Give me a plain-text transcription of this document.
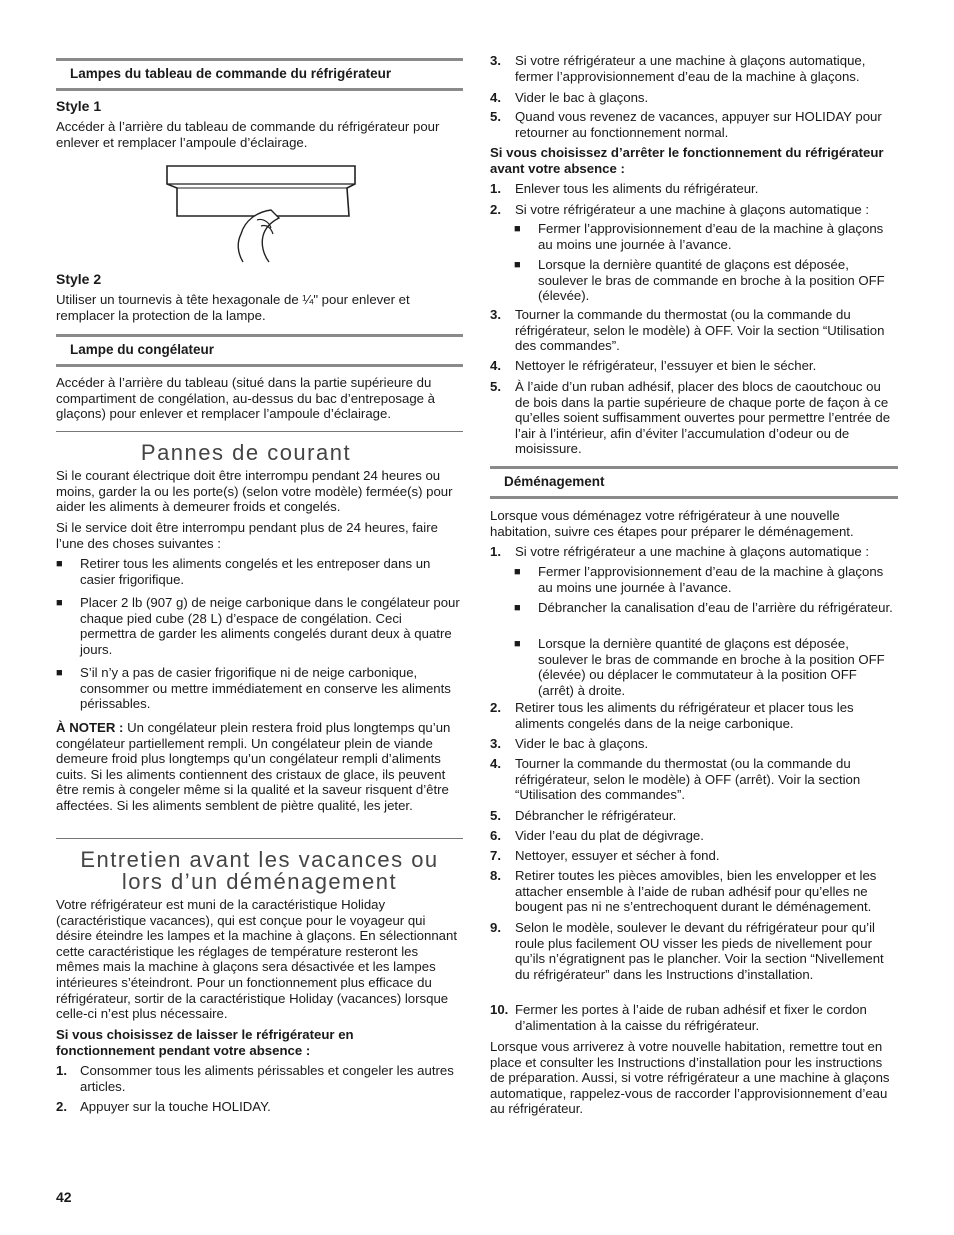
Lampes du tableau de commande du réfrigérateur
Style 1

Accéder à l’arrière du tableau de commande du réfrigérateur pour enlever et remplacer l’ampoule d’éclairage.

Style 2

Utiliser un tournevis à tête hexagonale de ¼" pour enlever et remplacer la protection de la lampe.

Lampe du congélateur

Accéder à l’arrière du tableau (situé dans la partie supérieure du compartiment de congélation, au-dessus du bac d’entreposage à glaçons) pour enlever et remplacer l’ampoule d’éclairage.

Pannes de courant

Si le courant électrique doit être interrompu pendant 24 heures ou moins, garder la ou les porte(s) (selon votre modèle) fermée(s) pour aider les aliments à demeurer froids et congelés.

Si le service doit être interrompu pendant plus de 24 heures, faire l’une des choses suivantes :

■ Retirer tous les aliments congelés et les entreposer dans un casier frigorifique.

■ Placer 2 lb (907 g) de neige carbonique dans le congélateur pour chaque pied cube (28 L) d’espace de congélation. Ceci permettra de garder les aliments congelés durant deux à quatre jours.

■ S’il n’y a pas de casier frigorifique ni de neige carbonique, consommer ou mettre immédiatement en conserve les aliments périssables.

À NOTER : Un congélateur plein restera froid plus longtemps qu’un congélateur partiellement rempli. Un congélateur plein de viande demeure froid plus longtemps qu’un congélateur rempli d’aliments cuits. Si les aliments contiennent des cristaux de glace, ils peuvent être remis à congeler même si la qualité et la saveur risquent d’être affectées. Si les aliments semblent de piètre qualité, les jeter.

Entretien avant les vacances ou
lors d’un déménagement

Votre réfrigérateur est muni de la caractéristique Holiday (caractéristique vacances), qui est conçue pour le voyageur qui désire éteindre les lampes et la machine à glaçons. En sélectionnant cette caractéristique les réglages de température resteront les mêmes mais la machine à glaçons sera désactivée et les lampes intérieures s’éteindront. Pour un fonctionnement plus efficace du réfrigérateur, sortir de la caractéristique Holiday (vacances) lorsque celle-ci n’est plus nécessaire.

Si vous choisissez de laisser le réfrigérateur en fonctionnement pendant votre absence :

1. Consommer tous les aliments périssables et congeler les autres articles.

2. Appuyer sur la touche HOLIDAY.

3. Si votre réfrigérateur a une machine à glaçons automatique, fermer l’approvisionnement d’eau de la machine à glaçons.

4. Vider le bac à glaçons.

5. Quand vous revenez de vacances, appuyer sur HOLIDAY pour retourner au fonctionnement normal.

Si vous choisissez d’arrêter le fonctionnement du réfrigérateur avant votre absence :

1. Enlever tous les aliments du réfrigérateur.

2. Si votre réfrigérateur a une machine à glaçons automatique :

■ Fermer l’approvisionnement d’eau de la machine à glaçons au moins une journée à l’avance.

■ Lorsque la dernière quantité de glaçons est déposée, soulever le bras de commande en broche à la position OFF (élevée).

3. Tourner la commande du thermostat (ou la commande du réfrigérateur, selon le modèle) à OFF. Voir la section “Utilisation des commandes”.

4. Nettoyer le réfrigérateur, l’essuyer et bien le sécher.

5. À l’aide d’un ruban adhésif, placer des blocs de caoutchouc ou de bois dans la partie supérieure de chaque porte de façon à ce qu’elles soient suffisamment ouvertes pour permettre l’entrée de l’air à l’intérieur, afin d’éviter l’accumulation d’odeur ou de moisissure.

Déménagement

Lorsque vous déménagez votre réfrigérateur à une nouvelle habitation, suivre ces étapes pour préparer le déménagement.

1. Si votre réfrigérateur a une machine à glaçons automatique :

■ Fermer l’approvisionnement d’eau de la machine à glaçons au moins une journée à l’avance.

■ Débrancher la canalisation d’eau de l’arrière du réfrigérateur.

■ Lorsque la dernière quantité de glaçons est déposée, soulever le bras de commande en broche à la position OFF (élevée) ou déplacer le commutateur à la position OFF (arrêt) à droite.

2. Retirer tous les aliments du réfrigérateur et placer tous les aliments congelés dans de la neige carbonique.

3. Vider le bac à glaçons.

4. Tourner la commande du thermostat (ou la commande du réfrigérateur, selon le modèle) à OFF (arrêt). Voir la section “Utilisation des commandes”.

5. Débrancher le réfrigérateur.

6. Vider l’eau du plat de dégivrage.

7. Nettoyer, essuyer et sécher à fond.

8. Retirer toutes les pièces amovibles, bien les envelopper et les attacher ensemble à l’aide de ruban adhésif pour qu’elles ne bougent pas ni ne s’entrechoquent durant le déménagement.

9. Selon le modèle, soulever le devant du réfrigérateur pour qu’il roule plus facilement OU visser les pieds de nivellement pour qu’ils n’égratignent pas le plancher. Voir la section “Nivellement du réfrigérateur” dans les Instructions d’installation.

10. Fermer les portes à l’aide de ruban adhésif et fixer le cordon d’alimentation à la caisse du réfrigérateur.

Lorsque vous arriverez à votre nouvelle habitation, remettre tout en place et consulter les Instructions d’installation pour les instructions de préparation. Aussi, si votre réfrigérateur a une machine à glaçons automatique, rappelez-vous de raccorder l’approvisionnement d’eau au réfrigérateur.

42
